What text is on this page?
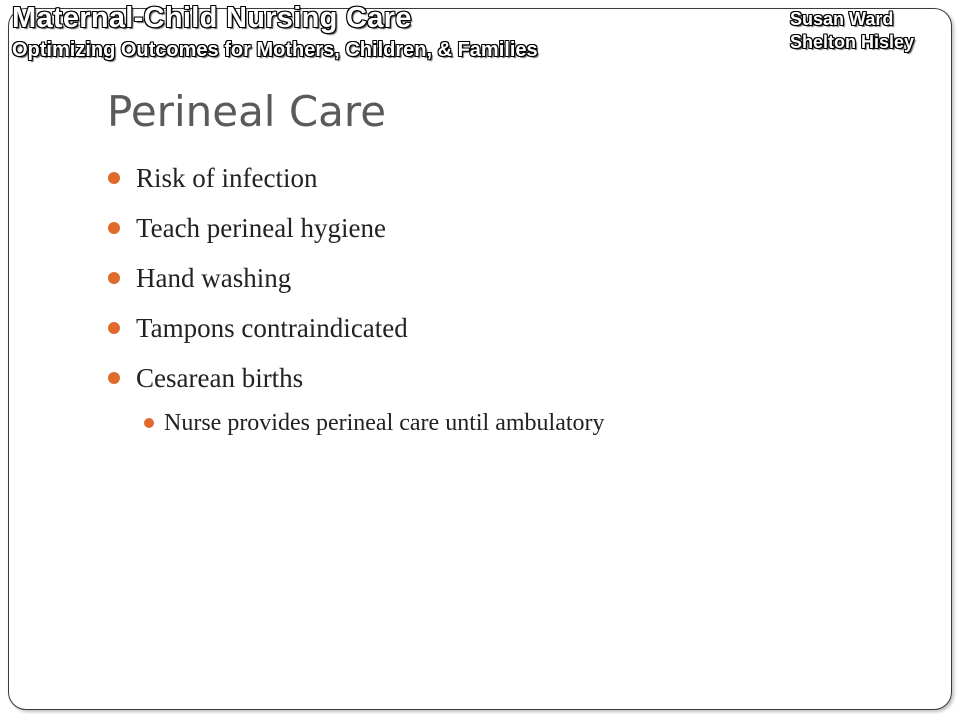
Maternal-Child Nursing Care
Optimizing Outcomes for Mothers, Children, & Families
Susan Ward
Shelton Hisley
Perineal Care
Risk of infection
Teach perineal hygiene
Hand washing
Tampons contraindicated
Cesarean births
Nurse provides perineal care until ambulatory
